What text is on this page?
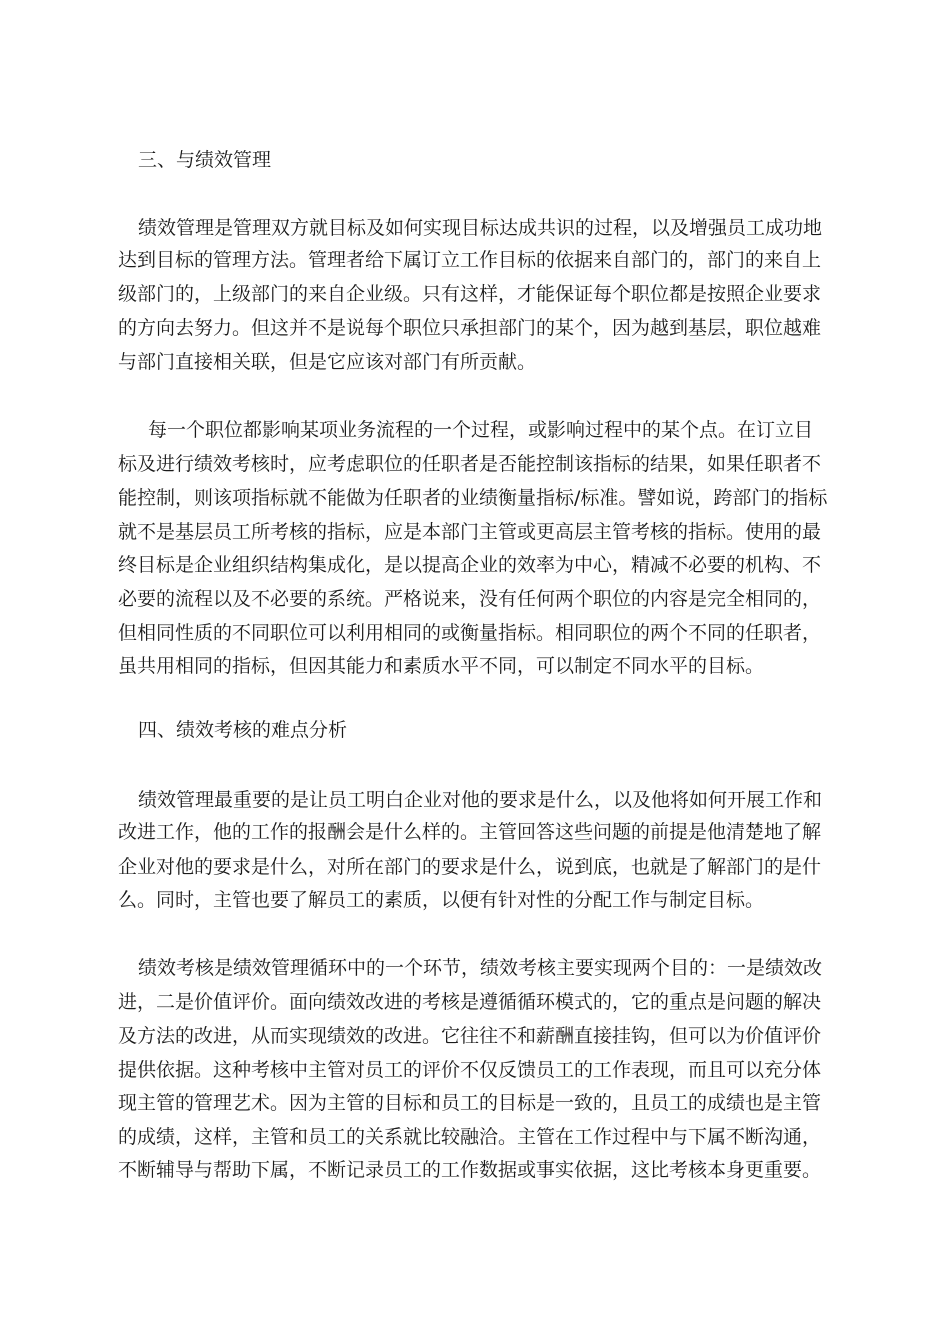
三、与绩效管理
绩效管理是管理双方就目标及如何实现目标达成共识的过程，以及增强员工成功地
达到目标的管理方法。管理者给下属订立工作目标的依据来自部门的，部门的来自上
级部门的，上级部门的来自企业级。只有这样，才能保证每个职位都是按照企业要求
的方向去努力。但这并不是说每个职位只承担部门的某个，因为越到基层，职位越难
与部门直接相关联，但是它应该对部门有所贡献。
每一个职位都影响某项业务流程的一个过程，或影响过程中的某个点。在订立目
标及进行绩效考核时，应考虑职位的任职者是否能控制该指标的结果，如果任职者不
能控制，则该项指标就不能做为任职者的业绩衡量指标/标准。譬如说，跨部门的指标
就不是基层员工所考核的指标，应是本部门主管或更高层主管考核的指标。使用的最
终目标是企业组织结构集成化，是以提高企业的效率为中心，精减不必要的机构、不
必要的流程以及不必要的系统。严格说来，没有任何两个职位的内容是完全相同的，
但相同性质的不同职位可以利用相同的或衡量指标。相同职位的两个不同的任职者，
虽共用相同的指标，但因其能力和素质水平不同，可以制定不同水平的目标。
四、绩效考核的难点分析
绩效管理最重要的是让员工明白企业对他的要求是什么，以及他将如何开展工作和
改进工作，他的工作的报酬会是什么样的。主管回答这些问题的前提是他清楚地了解
企业对他的要求是什么，对所在部门的要求是什么，说到底，也就是了解部门的是什
么。同时，主管也要了解员工的素质，以便有针对性的分配工作与制定目标。
绩效考核是绩效管理循环中的一个环节，绩效考核主要实现两个目的：一是绩效改
进，二是价值评价。面向绩效改进的考核是遵循循环模式的，它的重点是问题的解决
及方法的改进，从而实现绩效的改进。它往往不和薪酬直接挂钩，但可以为价值评价
提供依据。这种考核中主管对员工的评价不仅反馈员工的工作表现，而且可以充分体
现主管的管理艺术。因为主管的目标和员工的目标是一致的，且员工的成绩也是主管
的成绩，这样，主管和员工的关系就比较融洽。主管在工作过程中与下属不断沟通，
不断辅导与帮助下属，不断记录员工的工作数据或事实依据，这比考核本身更重要。
